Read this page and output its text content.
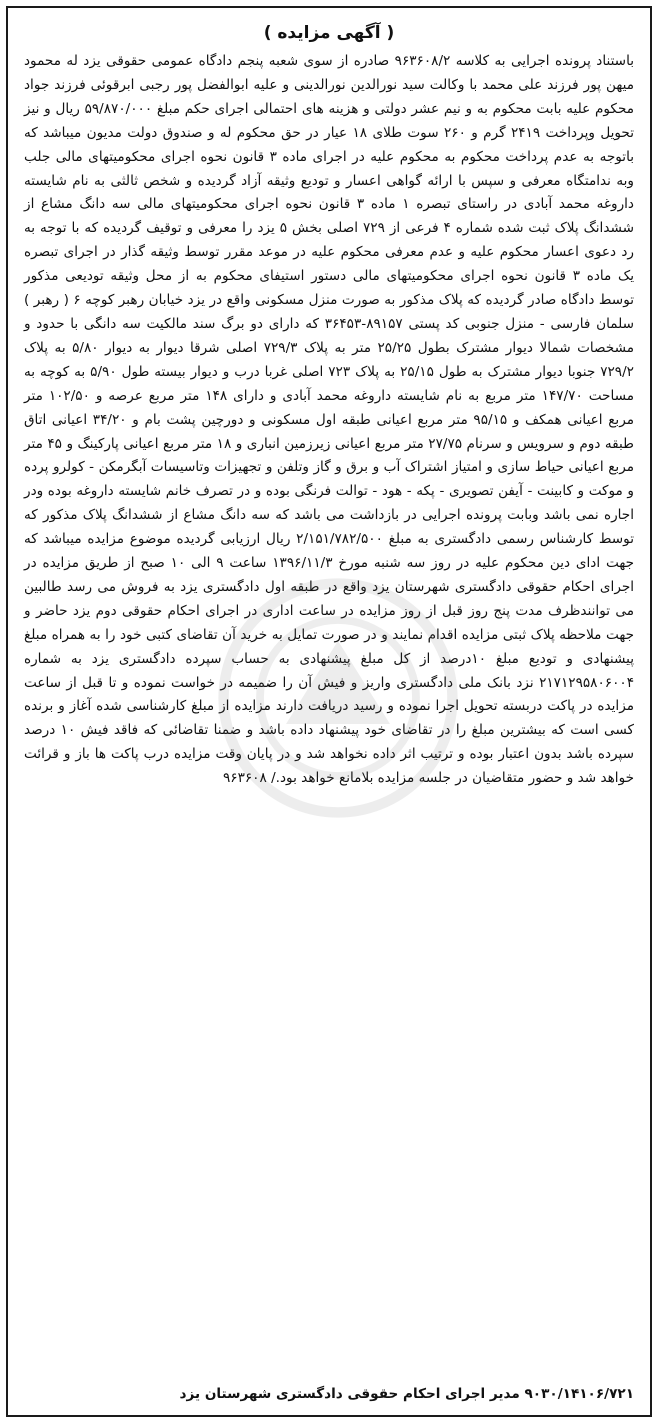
( آگهی مزایده )

باستناد پرونده اجرایی به کلاسه ۹۶۳۶۰۸/۲ صادره از سوی شعبه پنجم دادگاه عمومی حقوقی یزد له محمود میهن پور فرزند علی محمد با وکالت سید نورالدین نورالدینی و علیه ابوالفضل پور رجبی ابرقوئی فرزند جواد محکوم علیه بابت محکوم به و نیم عشر دولتی و هزینه های احتمالی اجرای حکم مبلغ ۵۹/۸۷۰/۰۰۰ ریال و نیز تحویل وپرداخت ۲۴۱۹ گرم و ۲۶۰ سوت طلای ۱۸ عیار در حق محکوم له و صندوق دولت مدیون میباشد که باتوجه به عدم پرداخت محکوم به محکوم علیه در اجرای ماده ۳ قانون نحوه اجرای محکومیتهای مالی جلب وبه ندامتگاه معرفی و سپس با ارائه گواهی اعسار و تودیع وثیقه آزاد گردیده و شخص ثالثی به نام شایسته داروغه محمد آبادی در راستای تبصره ۱ ماده ۳ قانون نحوه اجرای محکومیتهای مالی سه دانگ مشاع از ششدانگ پلاک ثبت شده شماره ۴ فرعی از ۷۲۹ اصلی بخش ۵ یزد را معرفی و توقیف گردیده که با توجه به رد دعوی اعسار محکوم علیه و عدم معرفی محکوم علیه در موعد مقرر توسط وثیقه گذار در اجرای تبصره یک ماده ۳ قانون نحوه اجرای محکومیتهای مالی دستور استیفای محکوم به از محل وثیقه تودیعی مذکور توسط دادگاه صادر گردیده که پلاک مذکور به صورت منزل مسکونی واقع در یزد خیابان رهبر کوچه ۶ ( رهبر ) سلمان فارسی - منزل جنوبی کد پستی ۸۹۱۵۷-۳۶۴۵۳ که دارای دو برگ سند مالکیت سه دانگی با حدود و مشخصات شمالا دیوار مشترک بطول ۲۵/۲۵ متر به پلاک ۷۲۹/۳ اصلی شرقا دیوار به دیوار ۵/۸۰ به پلاک ۷۲۹/۲ جنوبا دیوار مشترک به طول ۲۵/۱۵ به پلاک ۷۲۳ اصلی غربا درب و دیوار بیسته طول ۵/۹۰ به کوچه به مساحت ۱۴۷/۷۰ متر مربع به نام شایسته داروغه محمد آبادی و دارای ۱۴۸ متر مربع عرصه و ۱۰۲/۵۰ متر مربع اعیانی همکف و ۹۵/۱۵ متر مربع اعیانی طبقه اول مسکونی و دورچین پشت بام و ۳۴/۲۰ اعیانی اتاق طبقه دوم و سرویس و سرنام ۲۷/۷۵ متر مربع اعیانی زیرزمین انباری و ۱۸ متر مربع اعیانی پارکینگ و ۴۵ متر مربع اعیانی حیاط سازی و امتیاز اشتراک آب و برق و گاز وتلفن و تجهیزات وتاسیسات آبگرمکن - کولرو پرده و موکت و کابینت - آیفن تصویری - پکه - هود - توالت فرنگی بوده و در تصرف خانم شایسته داروغه بوده ودر اجاره نمی باشد وبابت پرونده اجرایی در بازداشت می باشد که سه دانگ مشاع از ششدانگ پلاک مذکور که توسط کارشناس رسمی دادگستری به مبلغ ۲/۱۵۱/۷۸۲/۵۰۰ ریال ارزیابی گردیده موضوع مزایده میباشد که جهت ادای دین محکوم علیه در روز سه شنبه مورخ ۱۳۹۶/۱۱/۳ ساعت ۹ الی ۱۰ صبح از طریق مزایده در اجرای احکام حقوقی دادگستری شهرستان یزد واقع در طبقه اول دادگستری یزد به فروش می رسد طالبین می توانندظرف مدت پنج روز قبل از روز مزایده در ساعت اداری در اجرای احکام حقوقی دوم یزد حاضر و جهت ملاحظه پلاک ثبتی مزایده اقدام نمایند و در صورت تمایل به خرید آن تقاضای کتبی خود را به همراه مبلغ پیشنهادی و تودیع مبلغ ۱۰درصد از کل مبلغ پیشنهادی به حساب سپرده دادگستری یزد به شماره ۲۱۷۱۲۹۵۸۰۶۰۰۴ نزد بانک ملی دادگستری واریز و فیش آن را ضمیمه در خواست نموده و تا قبل از ساعت مزایده در پاکت دربسته تحویل اجرا نموده و رسید دریافت دارند مزایده از مبلغ کارشناسی شده آغاز و برنده کسی است که بیشترین مبلغ را در تقاضای خود پیشنهاد داده باشد و ضمنا تقاضائی که فاقد فیش ۱۰ درصد سپرده باشد بدون اعتبار بوده و ترتیب اثر داده نخواهد شد و در پایان وقت مزایده درب پاکت ها باز و قرائت خواهد شد و حضور متقاضیان در جلسه مزایده بلامانع خواهد بود./ ۹۶۳۶۰۸

۹۰۳۰/۱۴۱۰۶/۷۲۱ مدیر اجرای احکام حقوقی دادگستری شهرستان یزد
